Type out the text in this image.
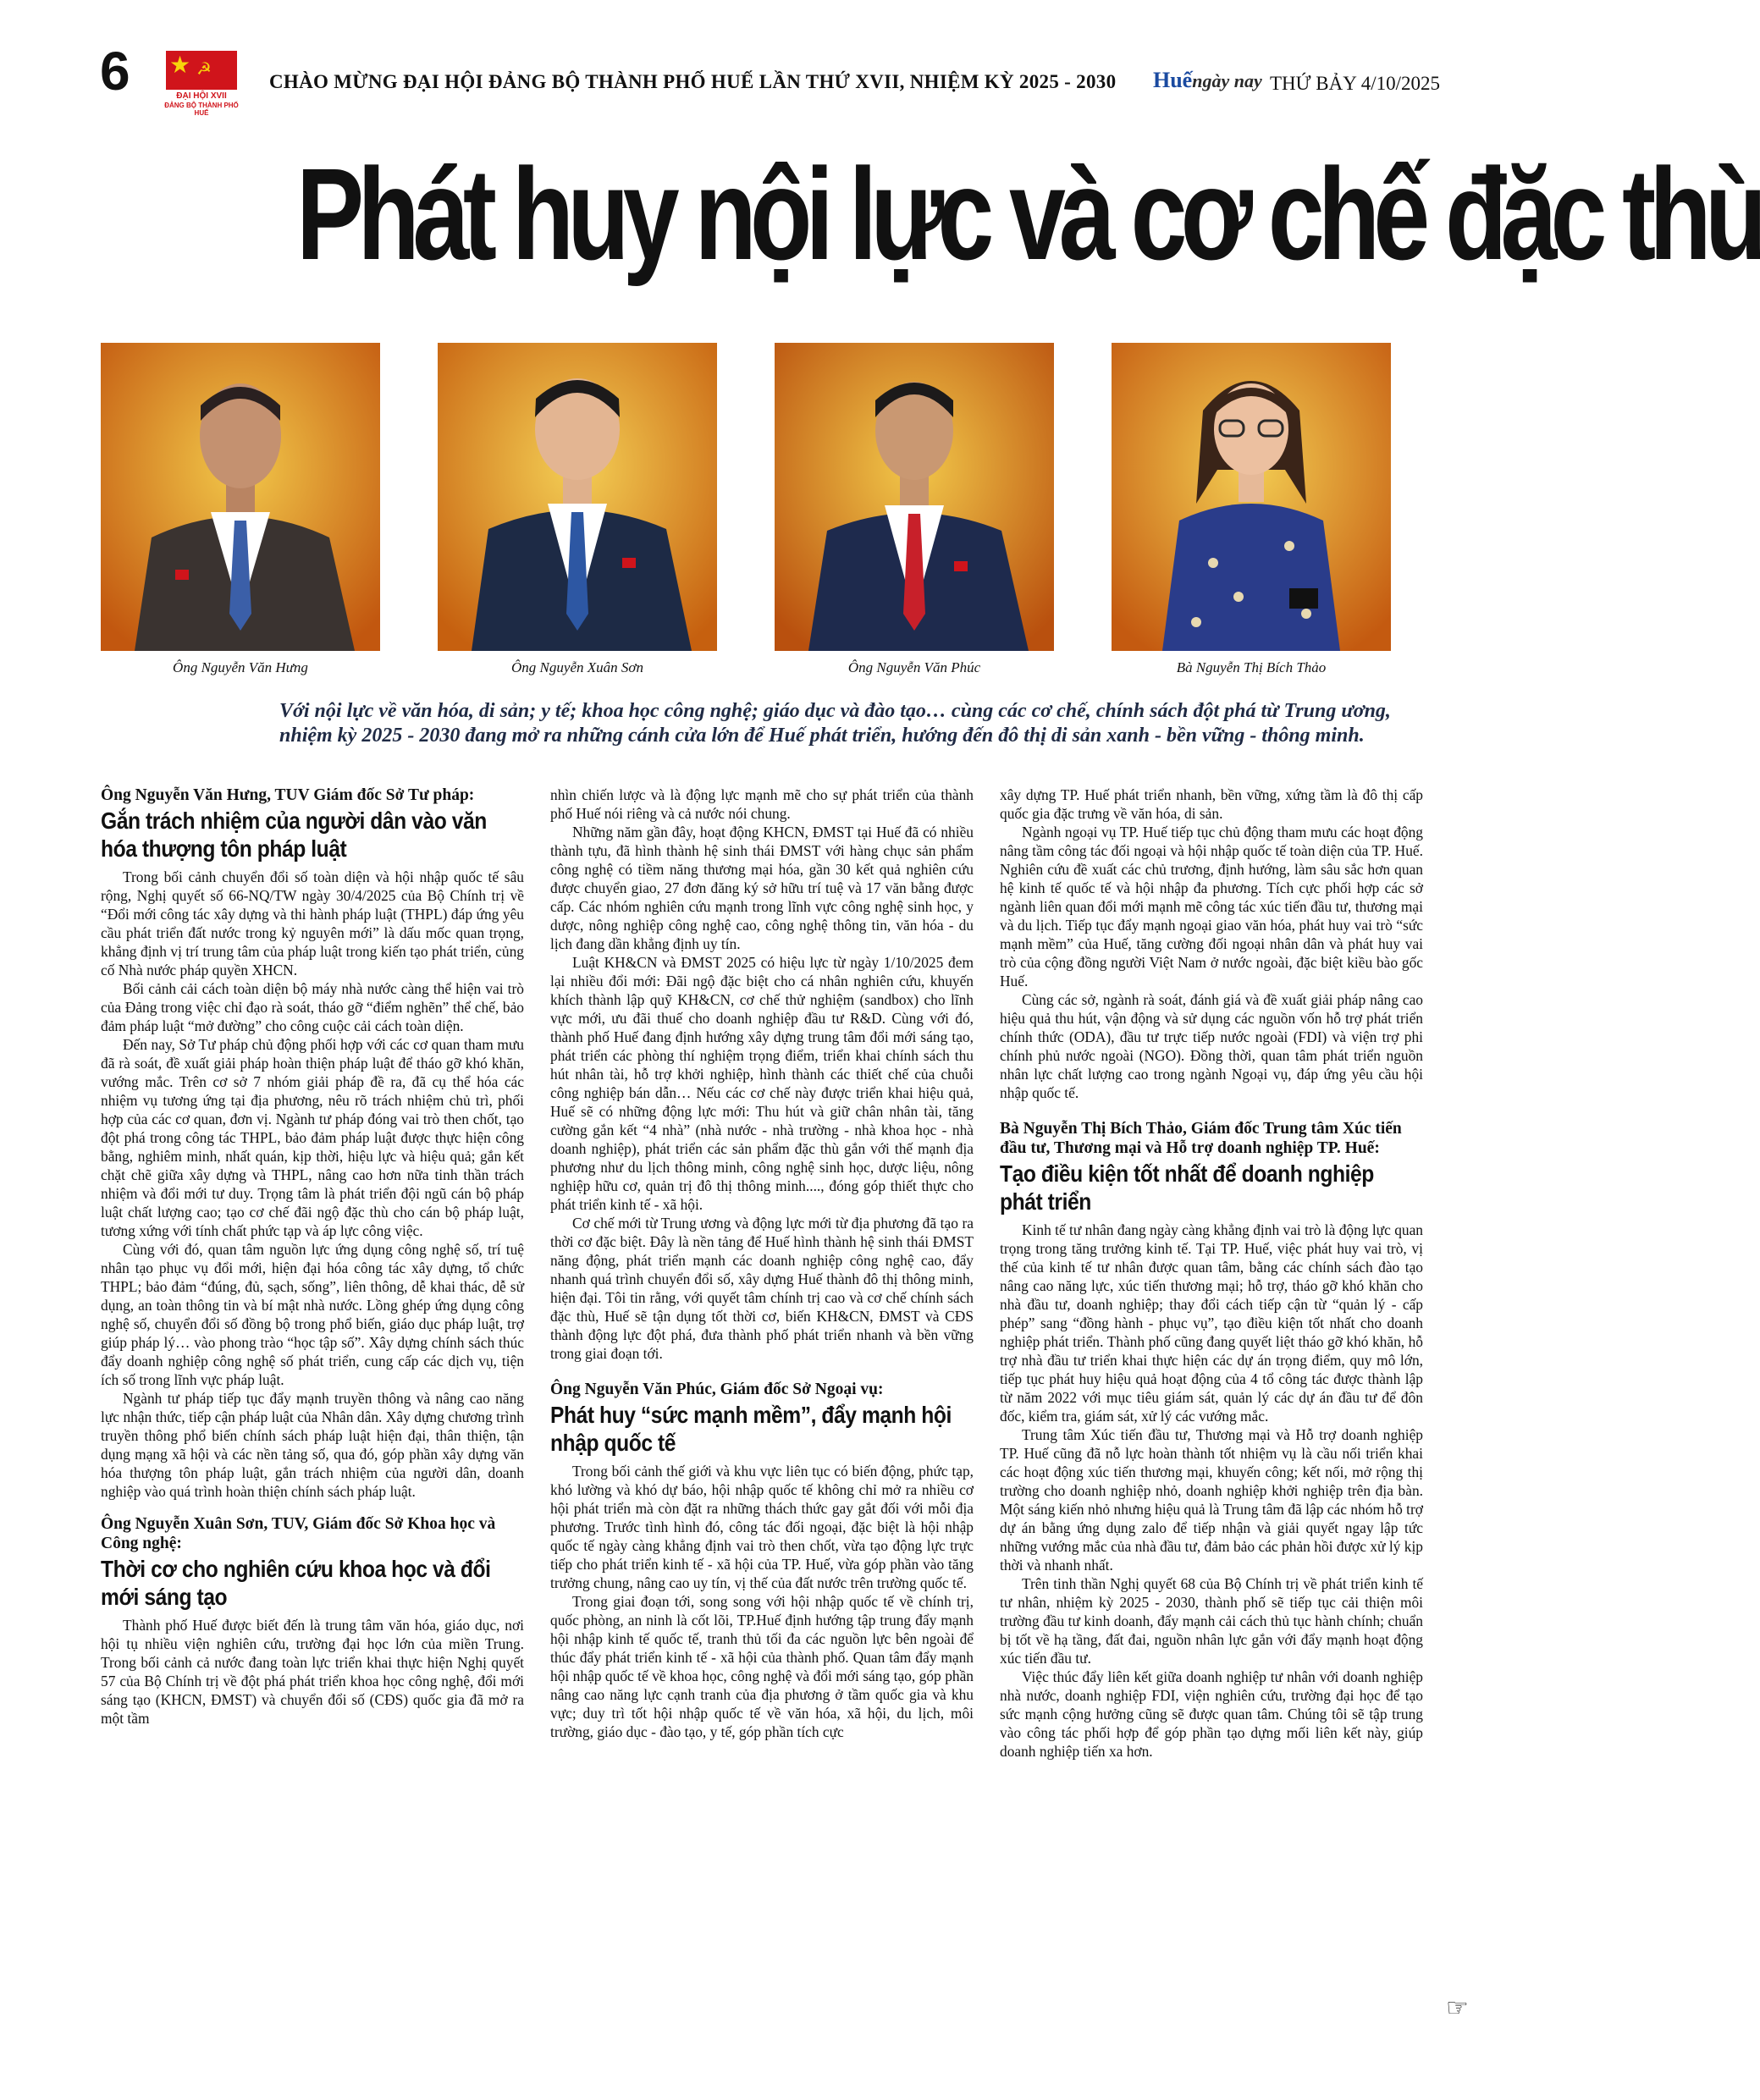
6 ★ ☭
ĐẠI HỘI XVII
ĐẢNG BỘ THÀNH PHỐ HUẾ
CHÀO MỪNG ĐẠI HỘI ĐẢNG BỘ THÀNH PHỐ HUẾ LẦN THỨ XVII, NHIỆM KỲ 2025 - 2030 Huếngày nay THỨ BẢY 4/10/2025
Phát huy nội lực và cơ chế đặc thù
Ông Nguyễn Văn Hưng	Ông Nguyễn Xuân Sơn	Ông Nguyễn Văn Phúc	Bà Nguyễn Thị Bích Thảo
Với nội lực về văn hóa, di sản; y tế; khoa học công nghệ; giáo dục và đào tạo… cùng các cơ chế, chính sách đột phá từ Trung ương, nhiệm kỳ 2025 - 2030 đang mở ra những cánh cửa lớn để Huế phát triển, hướng đến đô thị di sản xanh - bền vững - thông minh.

Ông Nguyễn Văn Hưng, TUV Giám đốc Sở Tư pháp:

Gắn trách nhiệm của người dân vào văn hóa thượng tôn pháp luật

Trong bối cảnh chuyển đổi số toàn diện và hội nhập quốc tế sâu rộng, Nghị quyết số 66-NQ/TW ngày 30/4/2025 của Bộ Chính trị về “Đổi mới công tác xây dựng và thi hành pháp luật (THPL) đáp ứng yêu cầu phát triển đất nước trong kỷ nguyên mới” là dấu mốc quan trọng, khẳng định vị trí trung tâm của pháp luật trong kiến tạo phát triển, củng cố Nhà nước pháp quyền XHCN.

Bối cảnh cải cách toàn diện bộ máy nhà nước càng thể hiện vai trò của Đảng trong việc chỉ đạo rà soát, tháo gỡ “điểm nghẽn” thể chế, bảo đảm pháp luật “mở đường” cho công cuộc cải cách toàn diện.

Đến nay, Sở Tư pháp chủ động phối hợp với các cơ quan tham mưu đã rà soát, đề xuất giải pháp hoàn thiện pháp luật để tháo gỡ khó khăn, vướng mắc. Trên cơ sở 7 nhóm giải pháp đề ra, đã cụ thể hóa các nhiệm vụ tương ứng tại địa phương, nêu rõ trách nhiệm chủ trì, phối hợp của các cơ quan, đơn vị. Ngành tư pháp đóng vai trò then chốt, tạo đột phá trong công tác THPL, bảo đảm pháp luật được thực hiện công bằng, nghiêm minh, nhất quán, kịp thời, hiệu lực và hiệu quả; gắn kết chặt chẽ giữa xây dựng và THPL, nâng cao hơn nữa tinh thần trách nhiệm và đổi mới tư duy. Trọng tâm là phát triển đội ngũ cán bộ pháp luật chất lượng cao; tạo cơ chế đãi ngộ đặc thù cho cán bộ pháp luật, tương xứng với tính chất phức tạp và áp lực công việc.

Cùng với đó, quan tâm nguồn lực ứng dụng công nghệ số, trí tuệ nhân tạo phục vụ đổi mới, hiện đại hóa công tác xây dựng, tổ chức THPL; bảo đảm “đúng, đủ, sạch, sống”, liên thông, dễ khai thác, dễ sử dụng, an toàn thông tin và bí mật nhà nước. Lồng ghép ứng dụng công nghệ số, chuyển đổi số đồng bộ trong phổ biến, giáo dục pháp luật, trợ giúp pháp lý… vào phong trào “học tập số”. Xây dựng chính sách thúc đẩy doanh nghiệp công nghệ số phát triển, cung cấp các dịch vụ, tiện ích số trong lĩnh vực pháp luật.

Ngành tư pháp tiếp tục đẩy mạnh truyền thông và nâng cao năng lực nhận thức, tiếp cận pháp luật của Nhân dân. Xây dựng chương trình truyền thông phổ biến chính sách pháp luật hiện đại, thân thiện, tận dụng mạng xã hội và các nền tảng số, qua đó, góp phần xây dựng văn hóa thượng tôn pháp luật, gắn trách nhiệm của người dân, doanh nghiệp vào quá trình hoàn thiện chính sách pháp luật.

Ông Nguyễn Xuân Sơn, TUV, Giám đốc Sở Khoa học và Công nghệ:

Thời cơ cho nghiên cứu khoa học và đổi mới sáng tạo

Thành phố Huế được biết đến là trung tâm văn hóa, giáo dục, nơi hội tụ nhiều viện nghiên cứu, trường đại học lớn của miền Trung. Trong bối cảnh cả nước đang toàn lực triển khai thực hiện Nghị quyết 57 của Bộ Chính trị về đột phá phát triển khoa học công nghệ, đổi mới sáng tạo (KHCN, ĐMST) và chuyển đổi số (CĐS) quốc gia đã mở ra một tầm

nhìn chiến lược và là động lực mạnh mẽ cho sự phát triển của thành phố Huế nói riêng và cả nước nói chung.

Những năm gần đây, hoạt động KHCN, ĐMST tại Huế đã có nhiều thành tựu, đã hình thành hệ sinh thái ĐMST với hàng chục sản phẩm công nghệ có tiềm năng thương mại hóa, gần 30 kết quả nghiên cứu được chuyển giao, 27 đơn đăng ký sở hữu trí tuệ và 17 văn bằng được cấp. Các nhóm nghiên cứu mạnh trong lĩnh vực công nghệ sinh học, y dược, nông nghiệp công nghệ cao, công nghệ thông tin, văn hóa - du lịch đang dần khẳng định uy tín.

Luật KH&CN và ĐMST 2025 có hiệu lực từ ngày 1/10/2025 đem lại nhiều đổi mới: Đãi ngộ đặc biệt cho cá nhân nghiên cứu, khuyến khích thành lập quỹ KH&CN, cơ chế thử nghiệm (sandbox) cho lĩnh vực mới, ưu đãi thuế cho doanh nghiệp đầu tư R&D. Cùng với đó, thành phố Huế đang định hướng xây dựng trung tâm đổi mới sáng tạo, phát triển các phòng thí nghiệm trọng điểm, triển khai chính sách thu hút nhân tài, hỗ trợ khởi nghiệp, hình thành các thiết chế của chuỗi công nghiệp bán dẫn… Nếu các cơ chế này được triển khai hiệu quả, Huế sẽ có những động lực mới: Thu hút và giữ chân nhân tài, tăng cường gắn kết “4 nhà” (nhà nước - nhà trường - nhà khoa học - nhà doanh nghiệp), phát triển các sản phẩm đặc thù gắn với thế mạnh địa phương như du lịch thông minh, công nghệ sinh học, dược liệu, nông nghiệp hữu cơ, quản trị đô thị thông minh...., đóng góp thiết thực cho phát triển kinh tế - xã hội.

Cơ chế mới từ Trung ương và động lực mới từ địa phương đã tạo ra thời cơ đặc biệt. Đây là nền tảng để Huế hình thành hệ sinh thái ĐMST năng động, phát triển mạnh các doanh nghiệp công nghệ cao, đẩy nhanh quá trình chuyển đổi số, xây dựng Huế thành đô thị thông minh, hiện đại. Tôi tin rằng, với quyết tâm chính trị cao và cơ chế chính sách đặc thù, Huế sẽ tận dụng tốt thời cơ, biến KH&CN, ĐMST và CĐS thành động lực đột phá, đưa thành phố phát triển nhanh và bền vững trong giai đoạn tới.

Ông Nguyễn Văn Phúc, Giám đốc Sở Ngoại vụ:

Phát huy “sức mạnh mềm”, đẩy mạnh hội nhập quốc tế

Trong bối cảnh thế giới và khu vực liên tục có biến động, phức tạp, khó lường và khó dự báo, hội nhập quốc tế không chỉ mở ra nhiều cơ hội phát triển mà còn đặt ra những thách thức gay gắt đối với mỗi địa phương. Trước tình hình đó, công tác đối ngoại, đặc biệt là hội nhập quốc tế ngày càng khẳng định vai trò then chốt, vừa tạo động lực trực tiếp cho phát triển kinh tế - xã hội của TP. Huế, vừa góp phần vào tăng trưởng chung, nâng cao uy tín, vị thế của đất nước trên trường quốc tế.

Trong giai đoạn tới, song song với hội nhập quốc tế về chính trị, quốc phòng, an ninh là cốt lõi, TP.Huế định hướng tập trung đẩy mạnh hội nhập kinh tế quốc tế, tranh thủ tối đa các nguồn lực bên ngoài để thúc đẩy phát triển kinh tế - xã hội của thành phố. Quan tâm đẩy mạnh hội nhập quốc tế về khoa học, công nghệ và đổi mới sáng tạo, góp phần nâng cao năng lực cạnh tranh của địa phương ở tầm quốc gia và khu vực; duy trì tốt hội nhập quốc tế về văn hóa, xã hội, du lịch, môi trường, giáo dục - đào tạo, y tế, góp phần tích cực

xây dựng TP. Huế phát triển nhanh, bền vững, xứng tầm là đô thị cấp quốc gia đặc trưng về văn hóa, di sản.

Ngành ngoại vụ TP. Huế tiếp tục chủ động tham mưu các hoạt động nâng tầm công tác đối ngoại và hội nhập quốc tế toàn diện của TP. Huế. Nghiên cứu đề xuất các chủ trương, định hướng, làm sâu sắc hơn quan hệ kinh tế quốc tế và hội nhập đa phương. Tích cực phối hợp các sở ngành liên quan đổi mới mạnh mẽ công tác xúc tiến đầu tư, thương mại và du lịch. Tiếp tục đẩy mạnh ngoại giao văn hóa, phát huy vai trò “sức mạnh mềm” của Huế, tăng cường đối ngoại nhân dân và phát huy vai trò của cộng đồng người Việt Nam ở nước ngoài, đặc biệt kiều bào gốc Huế.

Cùng các sở, ngành rà soát, đánh giá và đề xuất giải pháp nâng cao hiệu quả thu hút, vận động và sử dụng các nguồn vốn hỗ trợ phát triển chính thức (ODA), đầu tư trực tiếp nước ngoài (FDI) và viện trợ phi chính phủ nước ngoài (NGO). Đồng thời, quan tâm phát triển nguồn nhân lực chất lượng cao trong ngành Ngoại vụ, đáp ứng yêu cầu hội nhập quốc tế.

Bà Nguyễn Thị Bích Thảo, Giám đốc Trung tâm Xúc tiến đầu tư, Thương mại và Hỗ trợ doanh nghiệp TP. Huế:

Tạo điều kiện tốt nhất để doanh nghiệp phát triển

Kinh tế tư nhân đang ngày càng khẳng định vai trò là động lực quan trọng trong tăng trưởng kinh tế. Tại TP. Huế, việc phát huy vai trò, vị thế của kinh tế tư nhân được quan tâm, bằng các chính sách đào tạo nâng cao năng lực, xúc tiến thương mại; hỗ trợ, tháo gỡ khó khăn cho nhà đầu tư, doanh nghiệp; thay đổi cách tiếp cận từ “quản lý - cấp phép” sang “đồng hành - phục vụ”, tạo điều kiện tốt nhất cho doanh nghiệp phát triển. Thành phố cũng đang quyết liệt tháo gỡ khó khăn, hỗ trợ nhà đầu tư triển khai thực hiện các dự án trọng điểm, quy mô lớn, tiếp tục phát huy hiệu quả hoạt động của 4 tổ công tác được thành lập từ năm 2022 với mục tiêu giám sát, quản lý các dự án đầu tư để đôn đốc, kiểm tra, giám sát, xử lý các vướng mắc.

Trung tâm Xúc tiến đầu tư, Thương mại và Hỗ trợ doanh nghiệp TP. Huế cũng đã nỗ lực hoàn thành tốt nhiệm vụ là cầu nối triển khai các hoạt động xúc tiến thương mại, khuyến công; kết nối, mở rộng thị trường cho doanh nghiệp nhỏ, doanh nghiệp khởi nghiệp trên địa bàn. Một sáng kiến nhỏ nhưng hiệu quả là Trung tâm đã lập các nhóm hỗ trợ dự án bằng ứng dụng zalo để tiếp nhận và giải quyết ngay lập tức những vướng mắc của nhà đầu tư, đảm bảo các phản hồi được xử lý kịp thời và nhanh nhất.

Trên tinh thần Nghị quyết 68 của Bộ Chính trị về phát triển kinh tế tư nhân, nhiệm kỳ 2025 - 2030, thành phố sẽ tiếp tục cải thiện môi trường đầu tư kinh doanh, đẩy mạnh cải cách thủ tục hành chính; chuẩn bị tốt về hạ tầng, đất đai, nguồn nhân lực gắn với đẩy mạnh hoạt động xúc tiến đầu tư.

Việc thúc đẩy liên kết giữa doanh nghiệp tư nhân với doanh nghiệp nhà nước, doanh nghiệp FDI, viện nghiên cứu, trường đại học để tạo sức mạnh cộng hưởng cũng sẽ được quan tâm. Chúng tôi sẽ tập trung vào công tác phối hợp để góp phần tạo dựng mối liên kết này, giúp doanh nghiệp tiến xa hơn.

☞
